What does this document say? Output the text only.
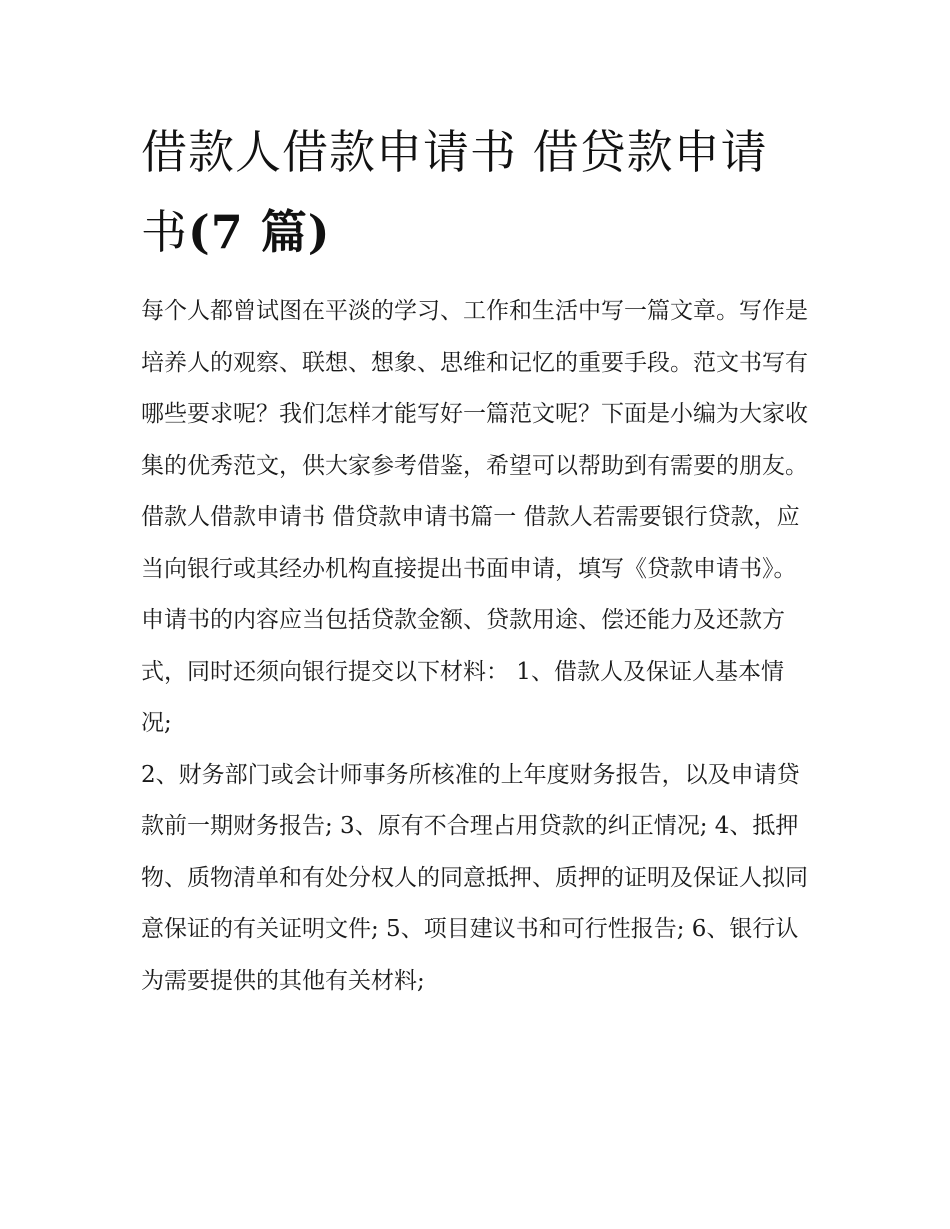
借款人借款申请书 借贷款申请书(7 篇)

每个人都曾试图在平淡的学习、工作和生活中写一篇文章。写作是培养人的观察、联想、想象、思维和记忆的重要手段。范文书写有哪些要求呢？我们怎样才能写好一篇范文呢？下面是小编为大家收集的优秀范文，供大家参考借鉴，希望可以帮助到有需要的朋友。

借款人借款申请书 借贷款申请书篇一 借款人若需要银行贷款，应当向银行或其经办机构直接提出书面申请，填写《贷款申请书》。

申请书的内容应当包括贷款金额、贷款用途、偿还能力及还款方式，同时还须向银行提交以下材料： 1、借款人及保证人基本情况;

2、财务部门或会计师事务所核准的上年度财务报告，以及申请贷款前一期财务报告; 3、原有不合理占用贷款的纠正情况; 4、抵押物、质物清单和有处分权人的同意抵押、质押的证明及保证人拟同意保证的有关证明文件; 5、项目建议书和可行性报告; 6、银行认为需要提供的其他有关材料;
